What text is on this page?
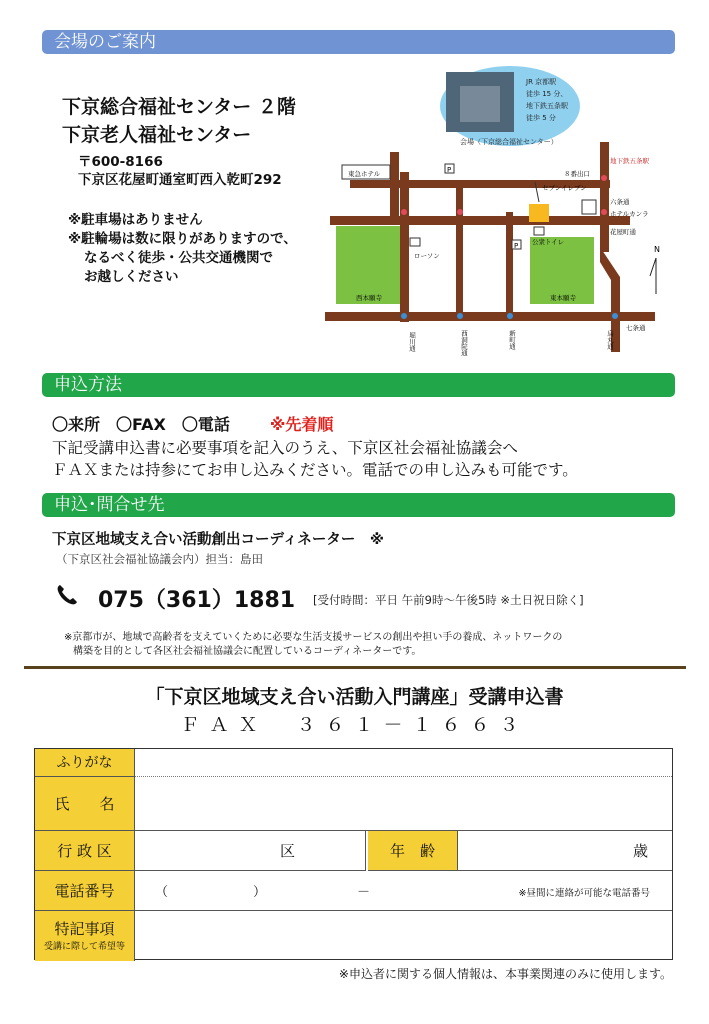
会場のご案内
下京総合福祉センター ２階
下京老人福祉センター
〒600-8166
下京区花屋町通室町西入乾町292
※駐車場はありません
※駐輪場は数に限りがありますので、
なるべく徒歩・公共交通機関で
お越しください
JR 京都駅
徒歩 15 分、
地下鉄五条駅
徒歩 5 分
会場（下京総合福祉センター）
東急ホテル
ローソン
公衆トイレ
セブンイレブン
８番出口
地下鉄五条駅
六条通
ホテルカンラ
花屋町通
西本願寺	東本願寺
七条通
堀川通	西洞院通	新町通	烏丸通
P
P	N
申込方法
〇来所　〇FAX　〇電話	※先着順
下記受講申込書に必要事項を記入のうえ、下京区社会福祉協議会へ
ＦＡＸまたは持参にてお申し込みください。電話での申し込みも可能です。
申込･問合せ先
下京区地域支え合い活動創出コーディネーター　※
（下京区社会福祉協議会内）担当：島田
075（361）1881 [受付時間：平日 午前9時～午後5時 ※土日祝日除く]
※京都市が、地域で高齢者を支えていくために必要な生活支援サービスの創出や担い手の養成、ネットワークの
構築を目的として各区社会福祉協議会に配置しているコーディネーターです。
「下京区地域支え合い活動入門講座」受講申込書
ＦＡＸ　３６１－１６６３
ふりがな
氏　　名
行 政 区	区	年　齢	歳
電話番号	（	）	－	※昼間に連絡が可能な電話番号
特記事項
受講に際して希望等
※申込者に関する個人情報は、本事業関連のみに使用します。
